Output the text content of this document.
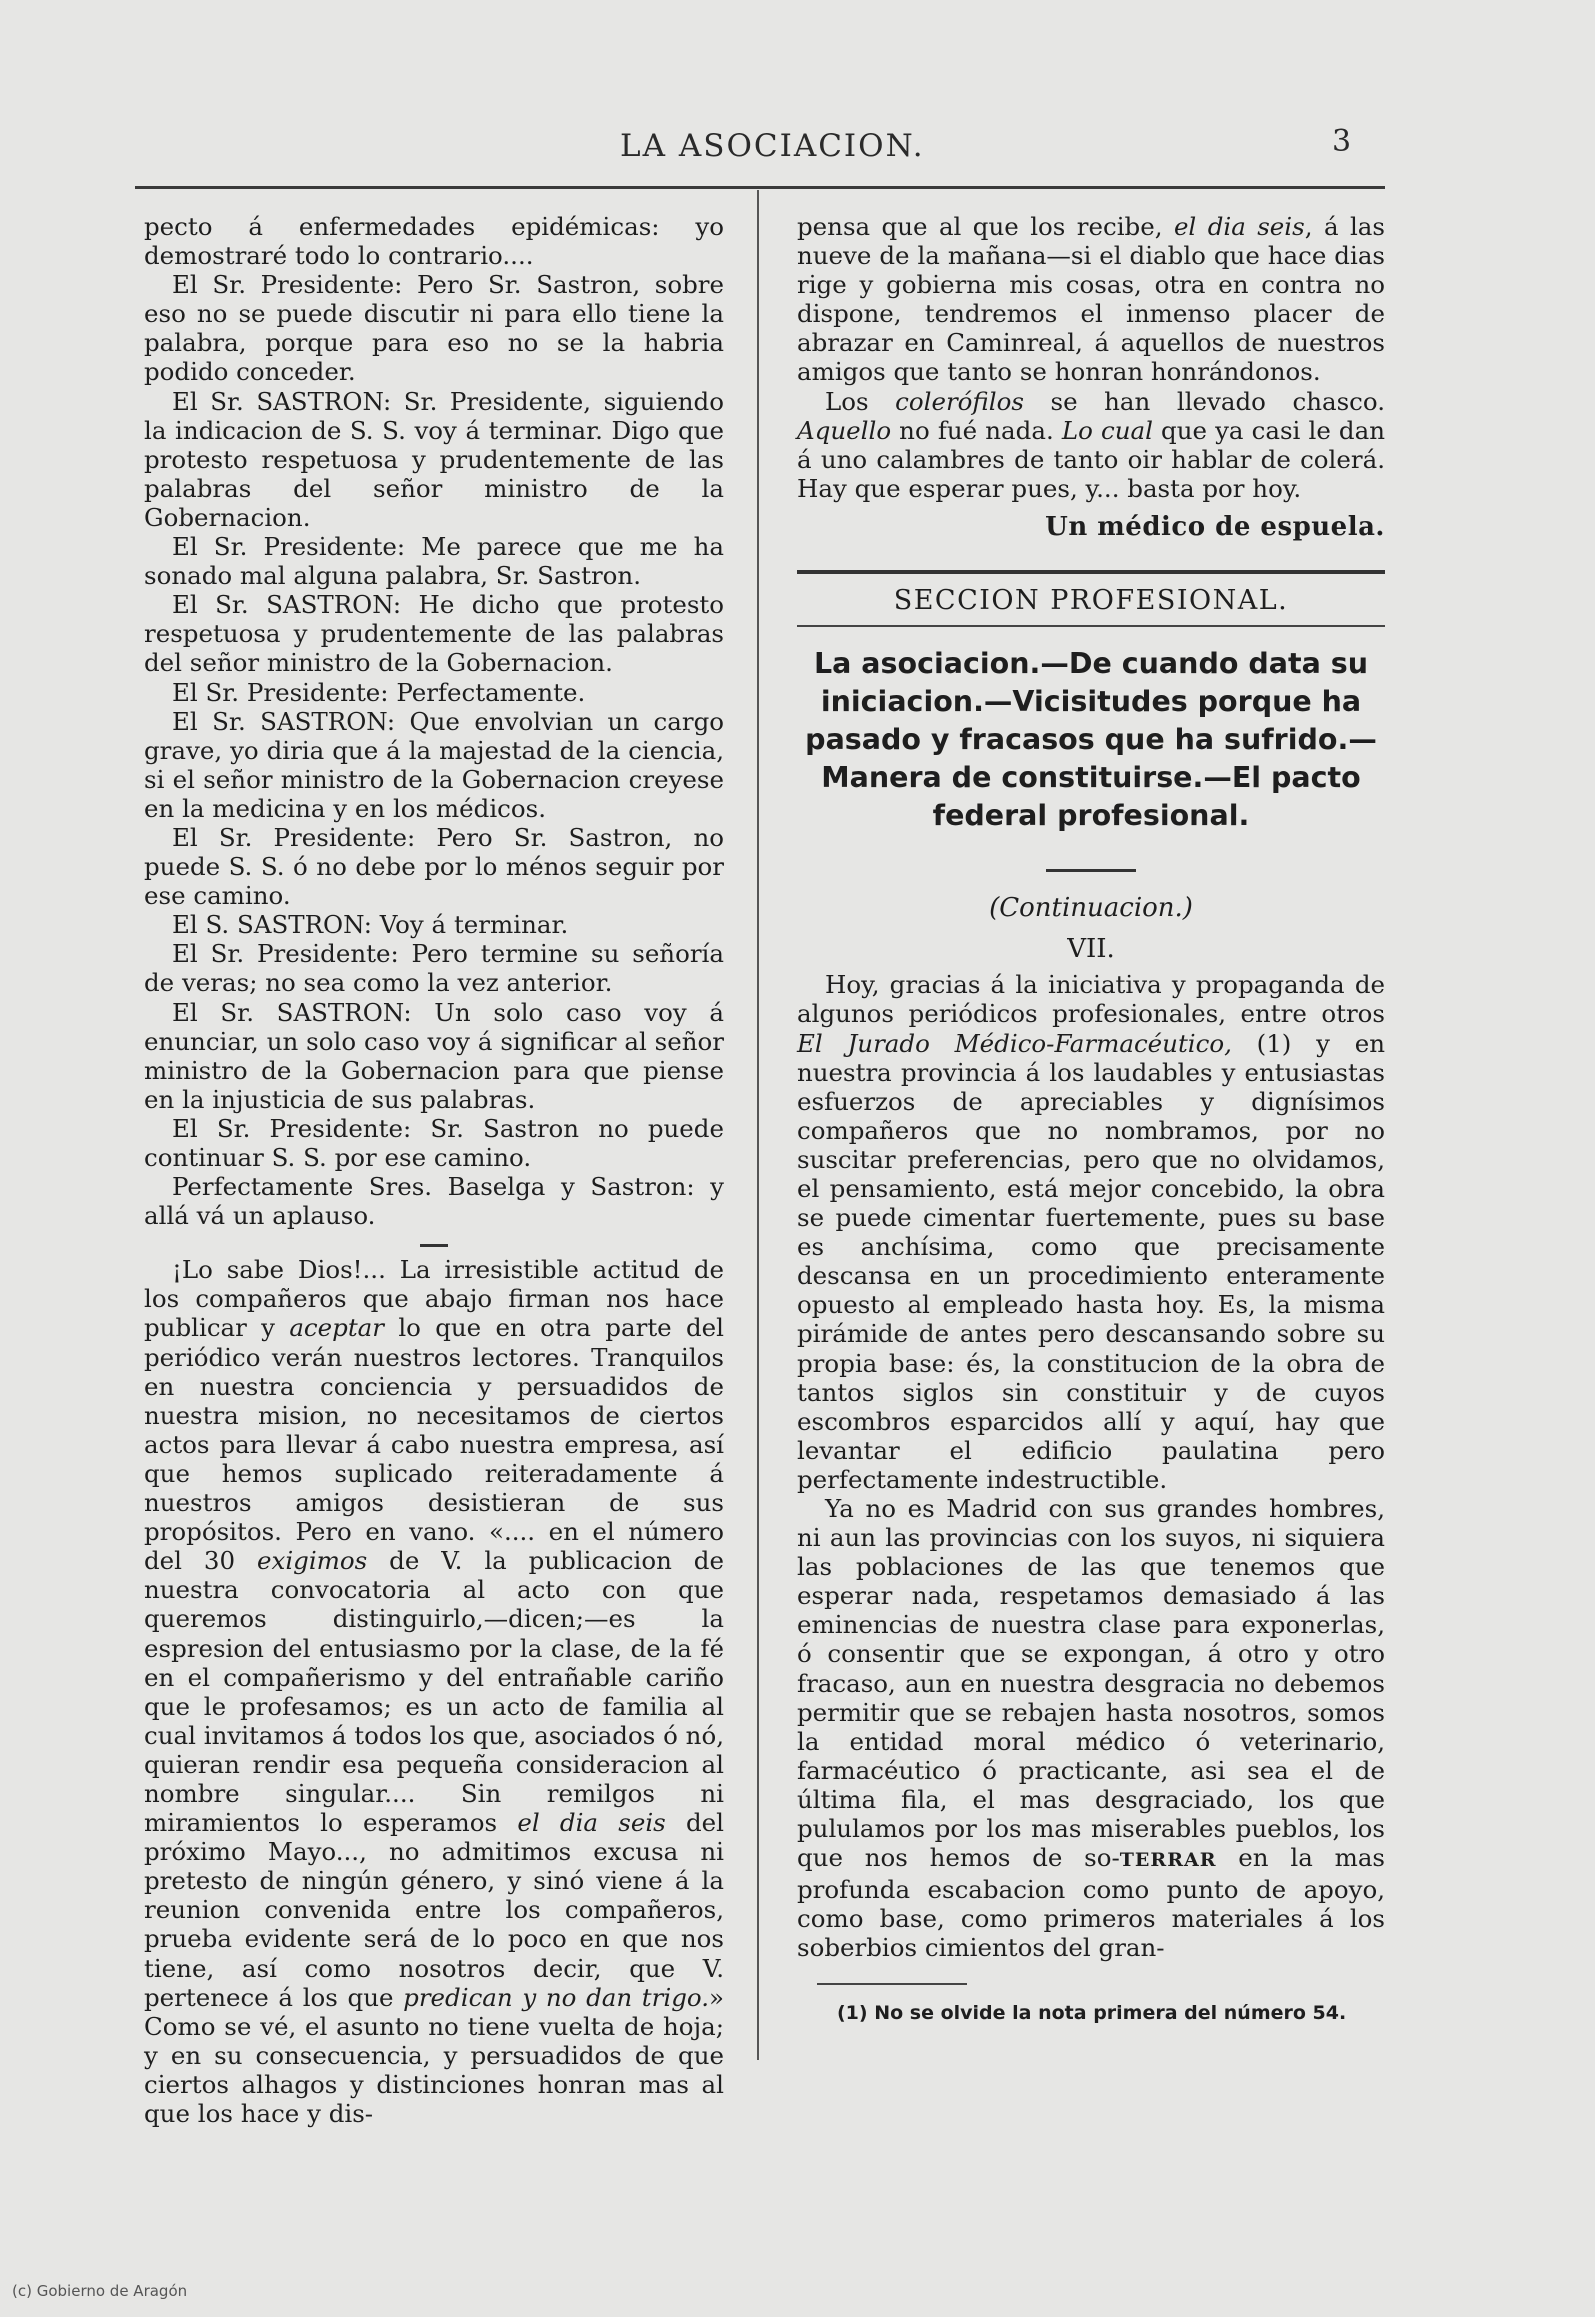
LA ASOCIACION.	3

pecto á enfermedades epidémicas: yo demostraré todo lo contrario....

El Sr. Presidente: Pero Sr. Sastron, sobre eso no se puede discutir ni para ello tiene la palabra, porque para eso no se la habria podido conceder.

El Sr. SASTRON: Sr. Presidente, siguiendo la indicacion de S. S. voy á terminar. Digo que protesto respetuosa y prudentemente de las palabras del señor ministro de la Gobernacion.

El Sr. Presidente: Me parece que me ha sonado mal alguna palabra, Sr. Sastron.

El Sr. SASTRON: He dicho que protesto respetuosa y prudentemente de las palabras del señor ministro de la Gobernacion.

El Sr. Presidente: Perfectamente.

El Sr. SASTRON: Que envolvian un cargo grave, yo diria que á la majestad de la ciencia, si el señor ministro de la Gobernacion creyese en la medicina y en los médicos.

El Sr. Presidente: Pero Sr. Sastron, no puede S. S. ó no debe por lo ménos seguir por ese camino.

El S. SASTRON: Voy á terminar.

El Sr. Presidente: Pero termine su señoría de veras; no sea como la vez anterior.

El Sr. SASTRON: Un solo caso voy á enunciar, un solo caso voy á significar al señor ministro de la Gobernacion para que piense en la injusticia de sus palabras.

El Sr. Presidente: Sr. Sastron no puede continuar S. S. por ese camino.

Perfectamente Sres. Baselga y Sastron: y allá vá un aplauso.

¡Lo sabe Dios!... La irresistible actitud de los compañeros que abajo firman nos hace publicar y aceptar lo que en otra parte del periódico verán nuestros lectores. Tranquilos en nuestra conciencia y persuadidos de nuestra mision, no necesitamos de ciertos actos para llevar á cabo nuestra empresa, así que hemos suplicado reiteradamente á nuestros amigos desistieran de sus propósitos. Pero en vano. «.... en el número del 30 exigimos de V. la publicacion de nuestra convocatoria al acto con que queremos distinguirlo,—dicen;—es la espresion del entusiasmo por la clase, de la fé en el compañerismo y del entrañable cariño que le profesamos; es un acto de familia al cual invitamos á todos los que, asociados ó nó, quieran rendir esa pequeña consideracion al nombre singular.... Sin remilgos ni miramientos lo esperamos el dia seis del próximo Mayo..., no admitimos excusa ni pretesto de ningún género, y sinó viene á la reunion convenida entre los compañeros, prueba evidente será de lo poco en que nos tiene, así como nosotros decir, que V. pertenece á los que predican y no dan trigo.» Como se vé, el asunto no tiene vuelta de hoja; y en su consecuencia, y persuadidos de que ciertos alhagos y distinciones honran mas al que los hace y dis-

pensa que al que los recibe, el dia seis, á las nueve de la mañana—si el diablo que hace dias rige y gobierna mis cosas, otra en contra no dispone, tendremos el inmenso placer de abrazar en Caminreal, á aquellos de nuestros amigos que tanto se honran honrándonos.

Los colerófilos se han llevado chasco. Aquello no fué nada. Lo cual que ya casi le dan á uno calambres de tanto oir hablar de colerá. Hay que esperar pues, y... basta por hoy.

Un médico de espuela.

SECCION PROFESIONAL.
La asociacion.—De cuando data su iniciacion.—Vicisitudes porque ha pasado y fracasos que ha sufrido.—Manera de constituirse.—El pacto federal profesional.
(Continuacion.)
VII.

Hoy, gracias á la iniciativa y propaganda de algunos periódicos profesionales, entre otros El Jurado Médico-Farmacéutico, (1) y en nuestra provincia á los laudables y entusiastas esfuerzos de apreciables y dignísimos compañeros que no nombramos, por no suscitar preferencias, pero que no olvidamos, el pensamiento, está mejor concebido, la obra se puede cimentar fuertemente, pues su base es anchísima, como que precisamente descansa en un procedimiento enteramente opuesto al empleado hasta hoy. Es, la misma pirámide de antes pero descansando sobre su propia base: és, la constitucion de la obra de tantos siglos sin constituir y de cuyos escombros esparcidos allí y aquí, hay que levantar el edificio paulatina pero perfectamente indestructible.

Ya no es Madrid con sus grandes hombres, ni aun las provincias con los suyos, ni siquiera las poblaciones de las que tenemos que esperar nada, respetamos demasiado á las eminencias de nuestra clase para exponerlas, ó consentir que se expongan, á otro y otro fracaso, aun en nuestra desgracia no debemos permitir que se rebajen hasta nosotros, somos la entidad moral médico ó veterinario, farmacéutico ó practicante, asi sea el de última fila, el mas desgraciado, los que pululamos por los mas miserables pueblos, los que nos hemos de so-TERRAR en la mas profunda escabacion como punto de apoyo, como base, como primeros materiales á los soberbios cimientos del gran-

(1) No se olvide la nota primera del número 54.
(c) Gobierno de Aragón
